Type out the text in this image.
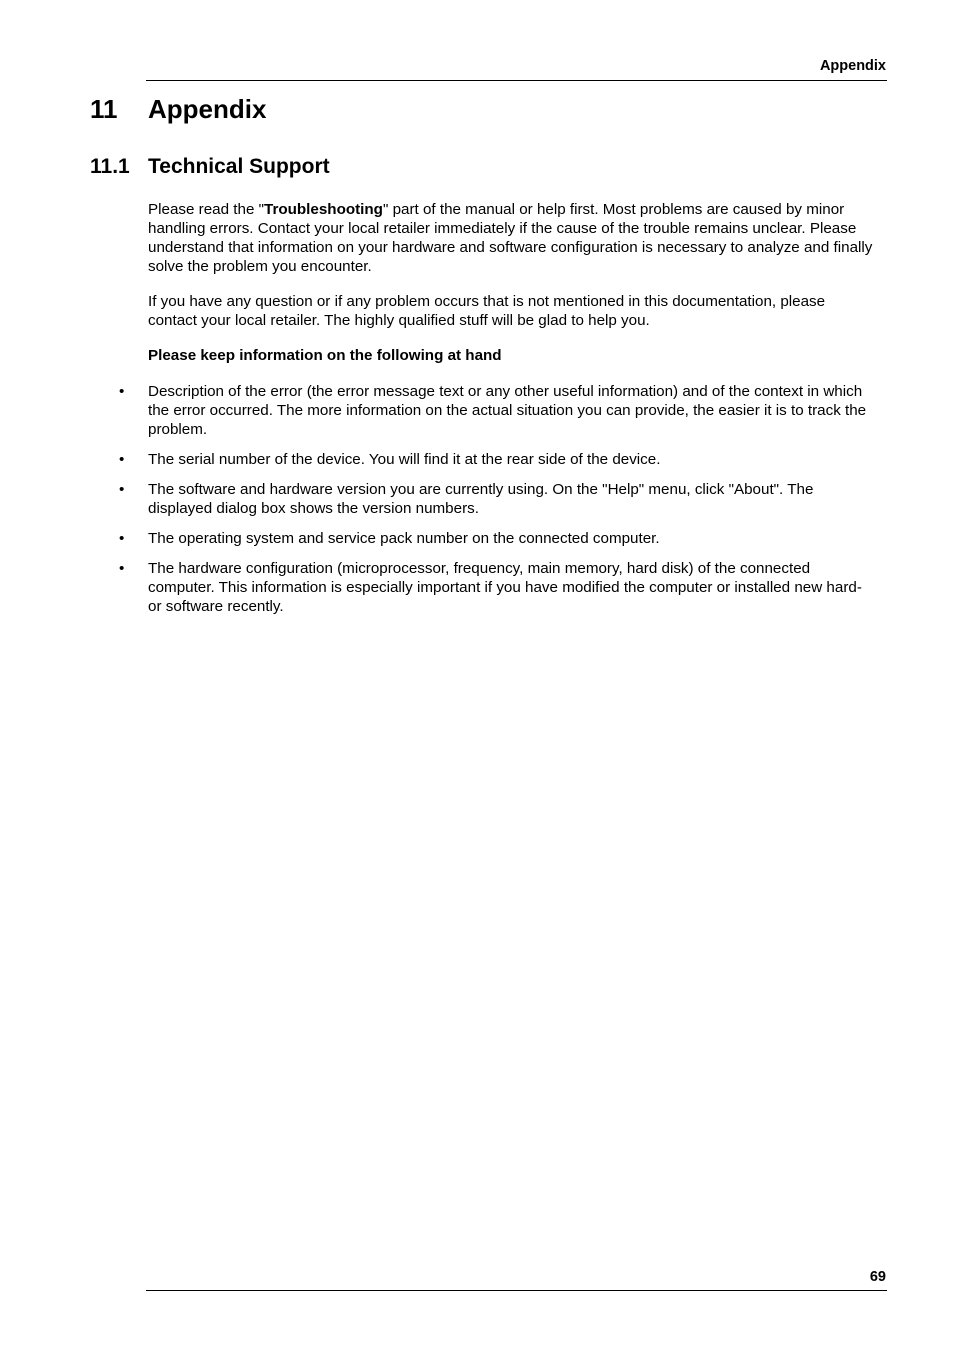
Appendix
11 Appendix
11.1 Technical Support

Please read the "Troubleshooting" part of the manual or help first. Most problems are caused by minor handling errors. Contact your local retailer immediately if the cause of the trouble remains unclear. Please understand that information on your hardware and software configuration is necessary to analyze and finally solve the problem you encounter.

If you have any question or if any problem occurs that is not mentioned in this documentation, please contact your local retailer. The highly qualified stuff will be glad to help you.

Please keep information on the following at hand

• Description of the error (the error message text or any other useful information) and of the context in which the error occurred. The more information on the actual situation you can provide, the easier it is to track the problem.
• The serial number of the device. You will find it at the rear side of the device.
• The software and hardware version you are currently using. On the "Help" menu, click "About". The displayed dialog box shows the version numbers.
• The operating system and service pack number on the connected computer.
• The hardware configuration (microprocessor, frequency, main memory, hard disk) of the connected computer. This information is especially important if you have modified the computer or installed new hard- or software recently.
69
